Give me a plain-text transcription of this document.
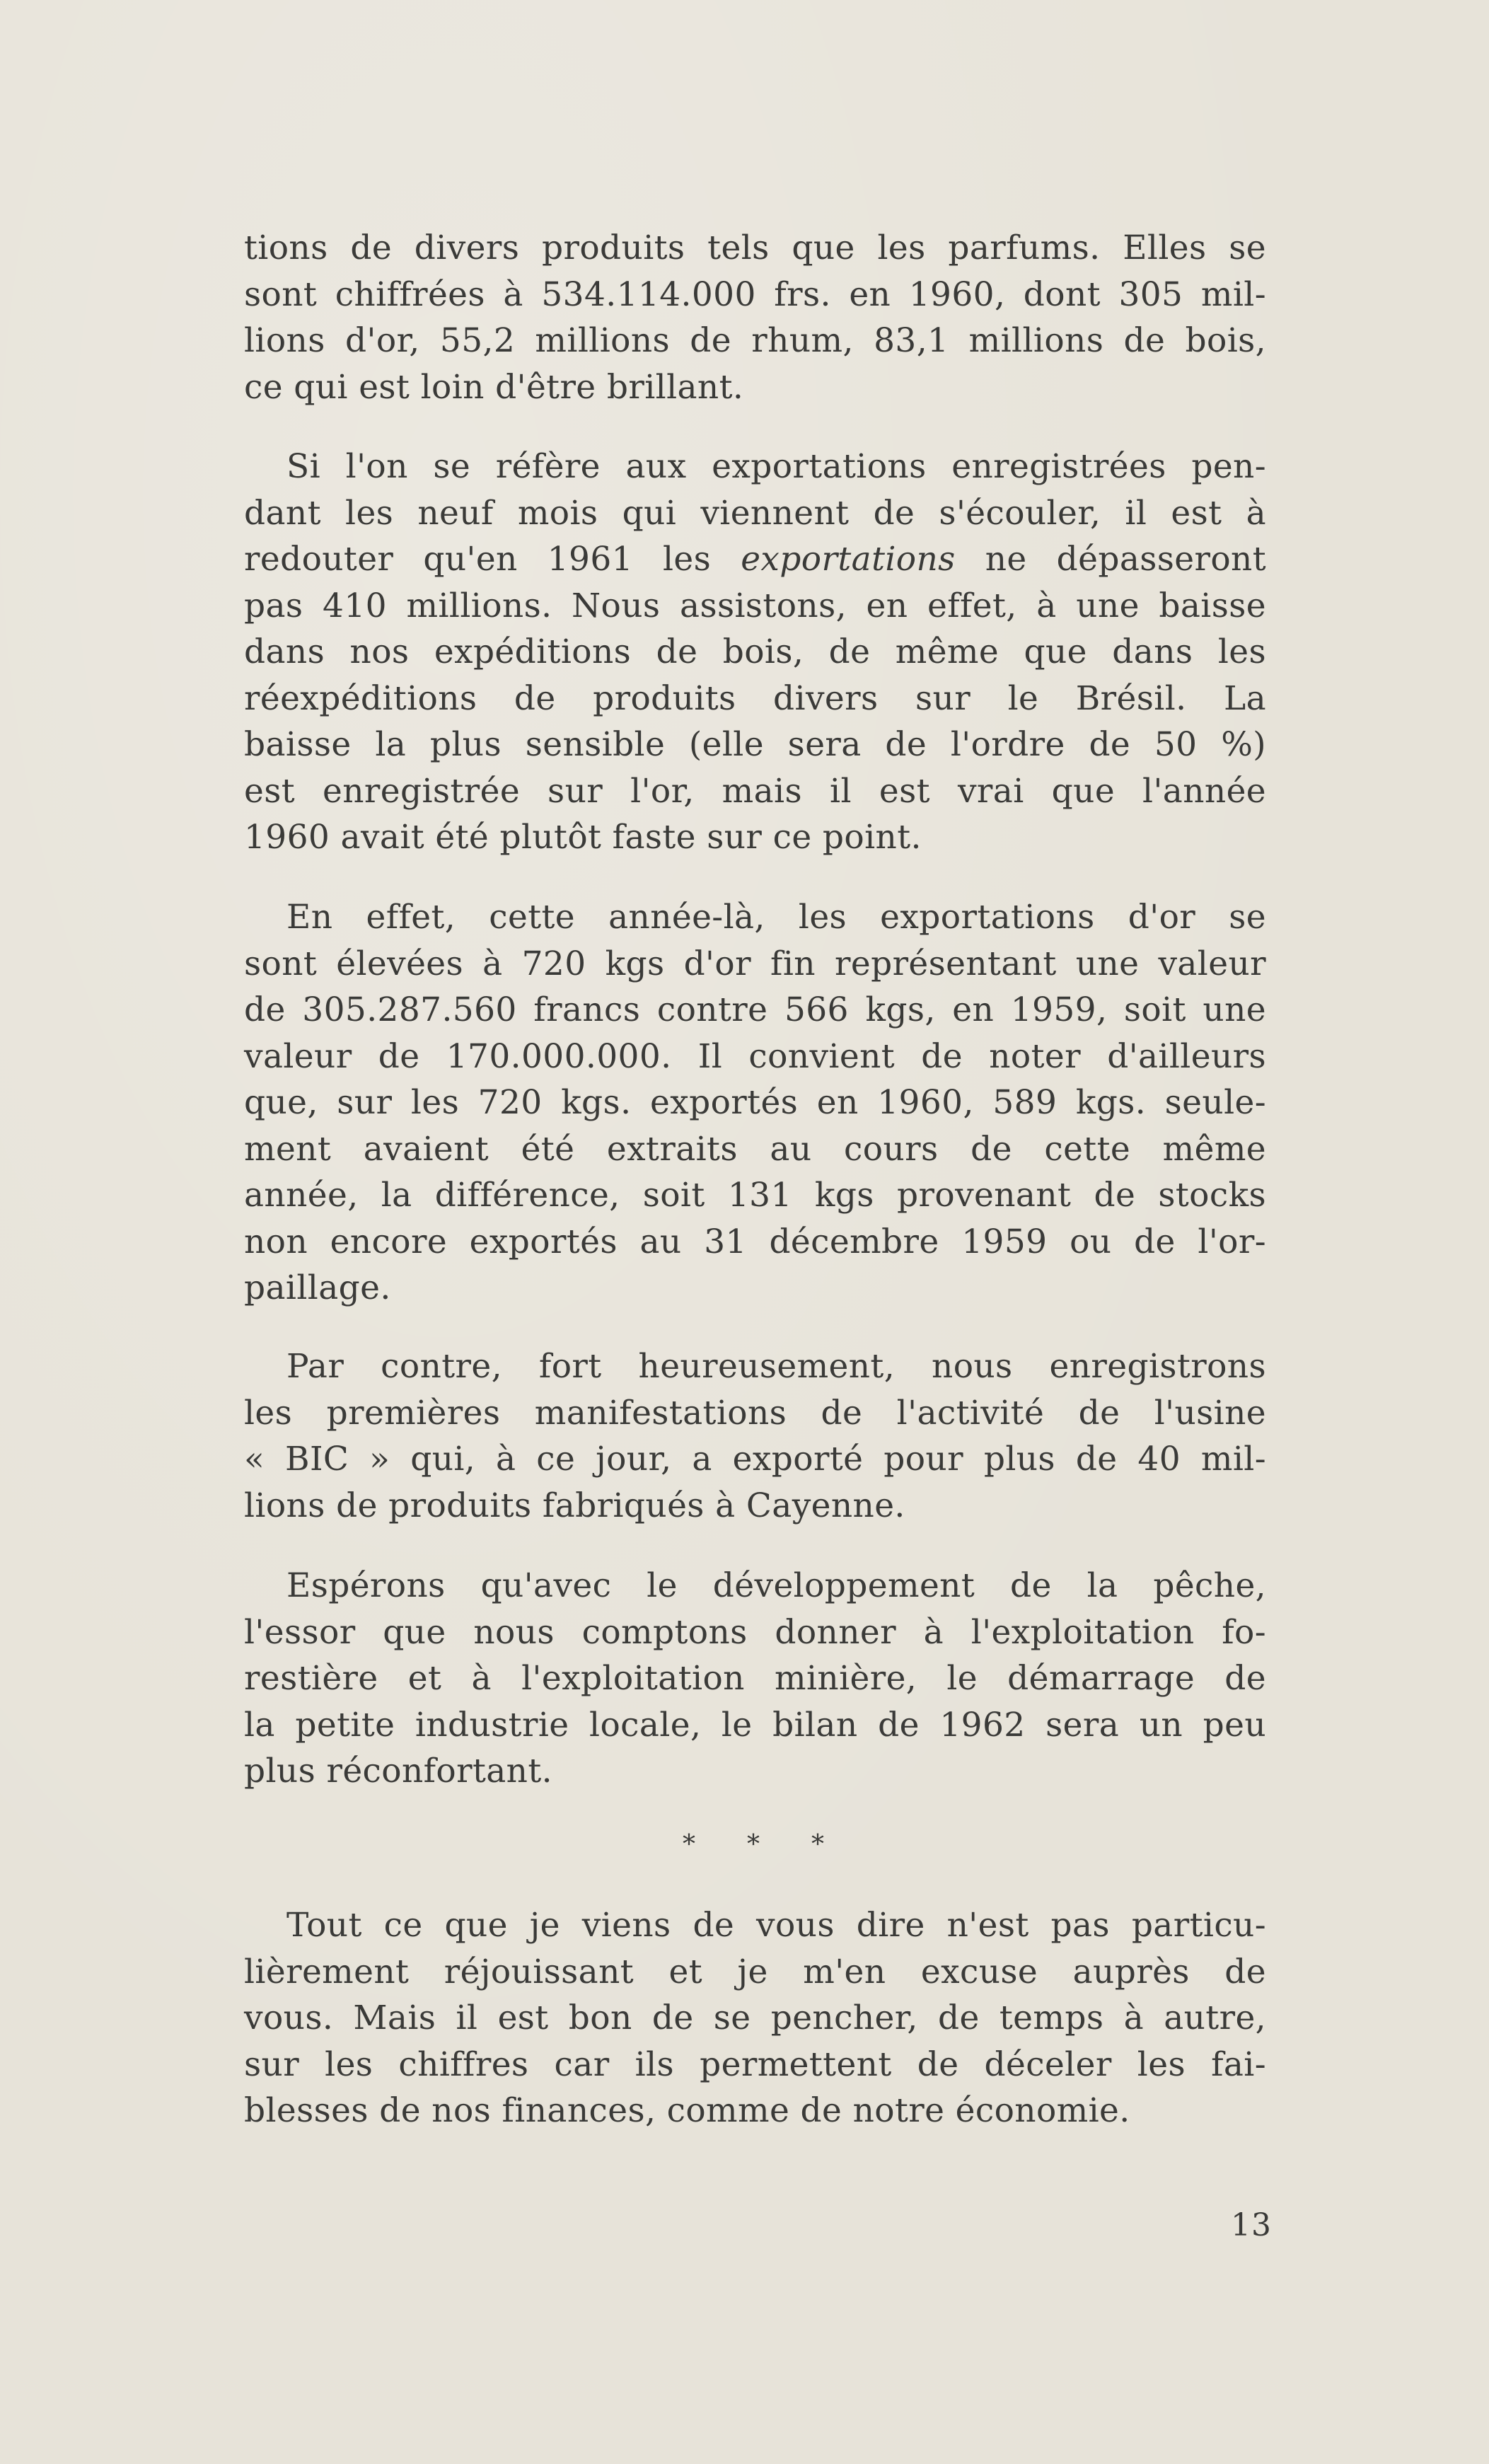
tions de divers produits tels que les parfums. Elles se
sont chiffrées à 534.114.000 frs. en 1960, dont 305 mil-
lions d'or, 55,2 millions de rhum, 83,1 millions de bois,
ce qui est loin d'être brillant.
Si l'on se réfère aux exportations enregistrées pen-
dant les neuf mois qui viennent de s'écouler, il est à
redouter qu'en 1961 les exportations ne dépasseront
pas 410 millions. Nous assistons, en effet, à une baisse
dans nos expéditions de bois, de même que dans les
réexpéditions de produits divers sur le Brésil. La
baisse la plus sensible (elle sera de l'ordre de 50 %)
est enregistrée sur l'or, mais il est vrai que l'année
1960 avait été plutôt faste sur ce point.
En effet, cette année-là, les exportations d'or se
sont élevées à 720 kgs d'or fin représentant une valeur
de 305.287.560 francs contre 566 kgs, en 1959, soit une
valeur de 170.000.000. Il convient de noter d'ailleurs
que, sur les 720 kgs. exportés en 1960, 589 kgs. seule-
ment avaient été extraits au cours de cette même
année, la différence, soit 131 kgs provenant de stocks
non encore exportés au 31 décembre 1959 ou de l'or-
paillage.
Par contre, fort heureusement, nous enregistrons
les premières manifestations de l'activité de l'usine
« BIC » qui, à ce jour, a exporté pour plus de 40 mil-
lions de produits fabriqués à Cayenne.
Espérons qu'avec le développement de la pêche,
l'essor que nous comptons donner à l'exploitation fo-
restière et à l'exploitation minière, le démarrage de
la petite industrie locale, le bilan de 1962 sera un peu
plus réconfortant.
* * *
Tout ce que je viens de vous dire n'est pas particu-
lièrement réjouissant et je m'en excuse auprès de
vous. Mais il est bon de se pencher, de temps à autre,
sur les chiffres car ils permettent de déceler les fai-
blesses de nos finances, comme de notre économie.
13
